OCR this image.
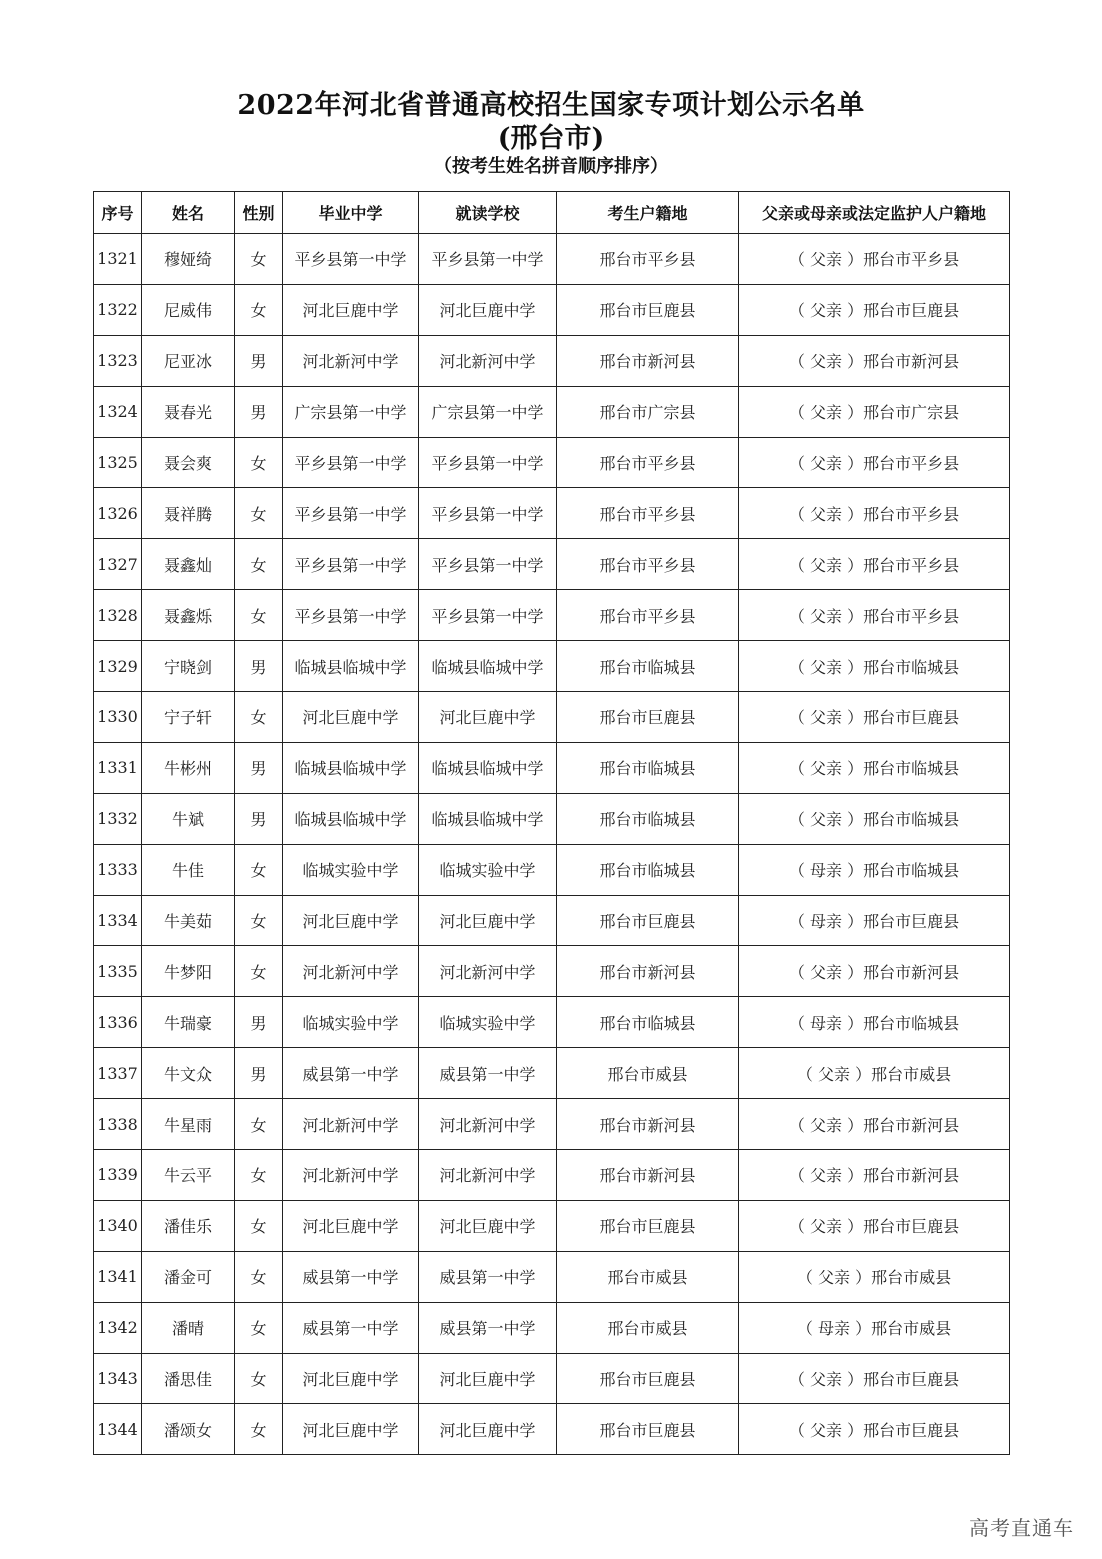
2022年河北省普通高校招生国家专项计划公示名单
(邢台市)
（按考生姓名拼音顺序排序）
序号	姓名	性别	毕业中学	就读学校	考生户籍地	父亲或母亲或法定监护人户籍地
1321	穆娅绮	女	平乡县第一中学	平乡县第一中学	邢台市平乡县	（ 父亲 ）邢台市平乡县
1322	尼威伟	女	河北巨鹿中学	河北巨鹿中学	邢台市巨鹿县	（ 父亲 ）邢台市巨鹿县
1323	尼亚冰	男	河北新河中学	河北新河中学	邢台市新河县	（ 父亲 ）邢台市新河县
1324	聂春光	男	广宗县第一中学	广宗县第一中学	邢台市广宗县	（ 父亲 ）邢台市广宗县
1325	聂会爽	女	平乡县第一中学	平乡县第一中学	邢台市平乡县	（ 父亲 ）邢台市平乡县
1326	聂祥腾	女	平乡县第一中学	平乡县第一中学	邢台市平乡县	（ 父亲 ）邢台市平乡县
1327	聂鑫灿	女	平乡县第一中学	平乡县第一中学	邢台市平乡县	（ 父亲 ）邢台市平乡县
1328	聂鑫烁	女	平乡县第一中学	平乡县第一中学	邢台市平乡县	（ 父亲 ）邢台市平乡县
1329	宁晓剑	男	临城县临城中学	临城县临城中学	邢台市临城县	（ 父亲 ）邢台市临城县
1330	宁子轩	女	河北巨鹿中学	河北巨鹿中学	邢台市巨鹿县	（ 父亲 ）邢台市巨鹿县
1331	牛彬州	男	临城县临城中学	临城县临城中学	邢台市临城县	（ 父亲 ）邢台市临城县
1332	牛斌	男	临城县临城中学	临城县临城中学	邢台市临城县	（ 父亲 ）邢台市临城县
1333	牛佳	女	临城实验中学	临城实验中学	邢台市临城县	（ 母亲 ）邢台市临城县
1334	牛美茹	女	河北巨鹿中学	河北巨鹿中学	邢台市巨鹿县	（ 母亲 ）邢台市巨鹿县
1335	牛梦阳	女	河北新河中学	河北新河中学	邢台市新河县	（ 父亲 ）邢台市新河县
1336	牛瑞豪	男	临城实验中学	临城实验中学	邢台市临城县	（ 母亲 ）邢台市临城县
1337	牛文众	男	威县第一中学	威县第一中学	邢台市威县	（ 父亲 ）邢台市威县
1338	牛星雨	女	河北新河中学	河北新河中学	邢台市新河县	（ 父亲 ）邢台市新河县
1339	牛云平	女	河北新河中学	河北新河中学	邢台市新河县	（ 父亲 ）邢台市新河县
1340	潘佳乐	女	河北巨鹿中学	河北巨鹿中学	邢台市巨鹿县	（ 父亲 ）邢台市巨鹿县
1341	潘金可	女	威县第一中学	威县第一中学	邢台市威县	（ 父亲 ）邢台市威县
1342	潘晴	女	威县第一中学	威县第一中学	邢台市威县	（ 母亲 ）邢台市威县
1343	潘思佳	女	河北巨鹿中学	河北巨鹿中学	邢台市巨鹿县	（ 父亲 ）邢台市巨鹿县
1344	潘颂女	女	河北巨鹿中学	河北巨鹿中学	邢台市巨鹿县	（ 父亲 ）邢台市巨鹿县
高考直通车
